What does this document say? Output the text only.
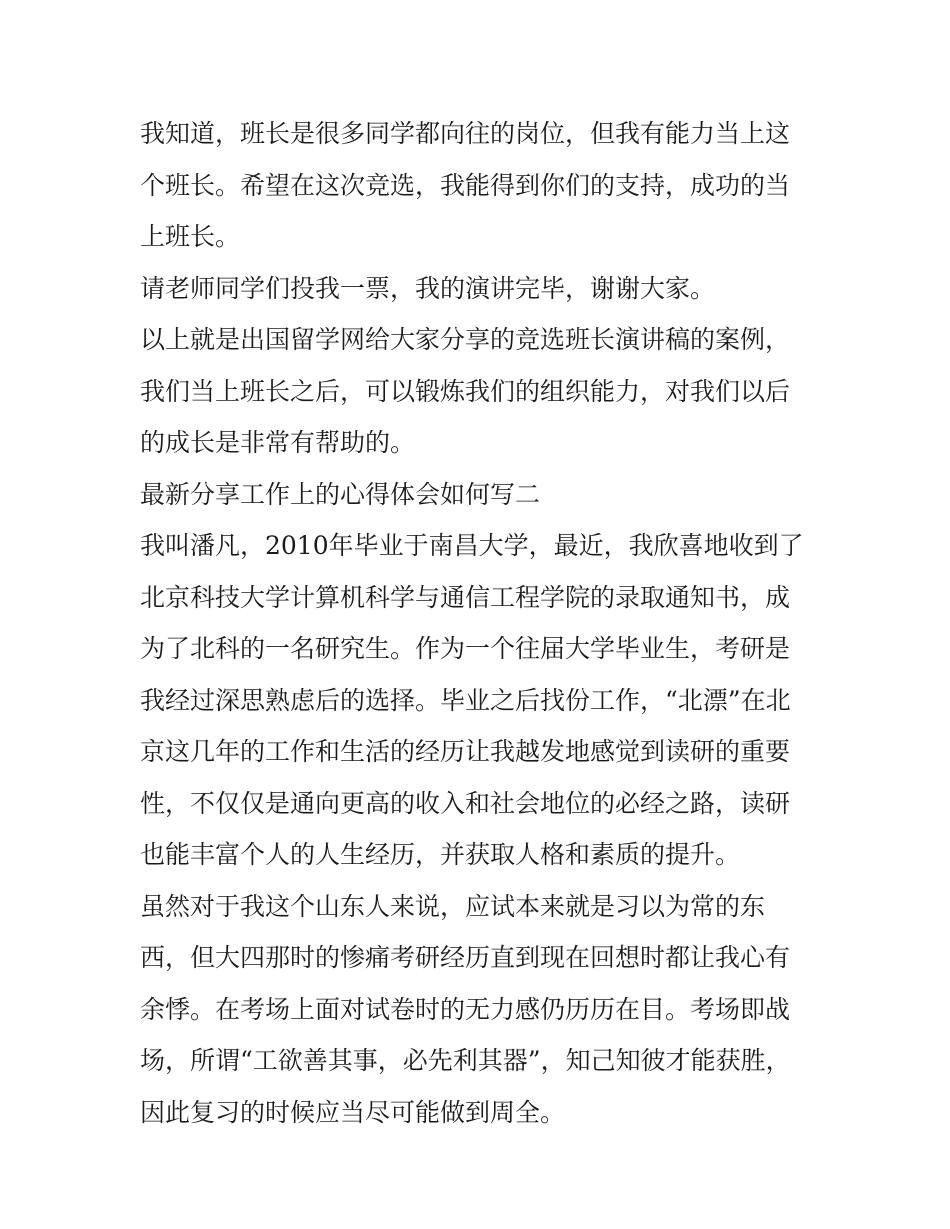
我知道，班长是很多同学都向往的岗位，但我有能力当上这个班长。希望在这次竞选，我能得到你们的支持，成功的当上班长。

请老师同学们投我一票，我的演讲完毕，谢谢大家。

以上就是出国留学网给大家分享的竞选班长演讲稿的案例，我们当上班长之后，可以锻炼我们的组织能力，对我们以后的成长是非常有帮助的。

最新分享工作上的心得体会如何写二

我叫潘凡，2010年毕业于南昌大学，最近，我欣喜地收到了北京科技大学计算机科学与通信工程学院的录取通知书，成为了北科的一名研究生。作为一个往届大学毕业生，考研是我经过深思熟虑后的选择。毕业之后找份工作，“北漂”在北京这几年的工作和生活的经历让我越发地感觉到读研的重要性，不仅仅是通向更高的收入和社会地位的必经之路，读研也能丰富个人的人生经历，并获取人格和素质的提升。

虽然对于我这个山东人来说，应试本来就是习以为常的东西，但大四那时的惨痛考研经历直到现在回想时都让我心有余悸。在考场上面对试卷时的无力感仍历历在目。考场即战场，所谓“工欲善其事，必先利其器”，知己知彼才能获胜，因此复习的时候应当尽可能做到周全。
